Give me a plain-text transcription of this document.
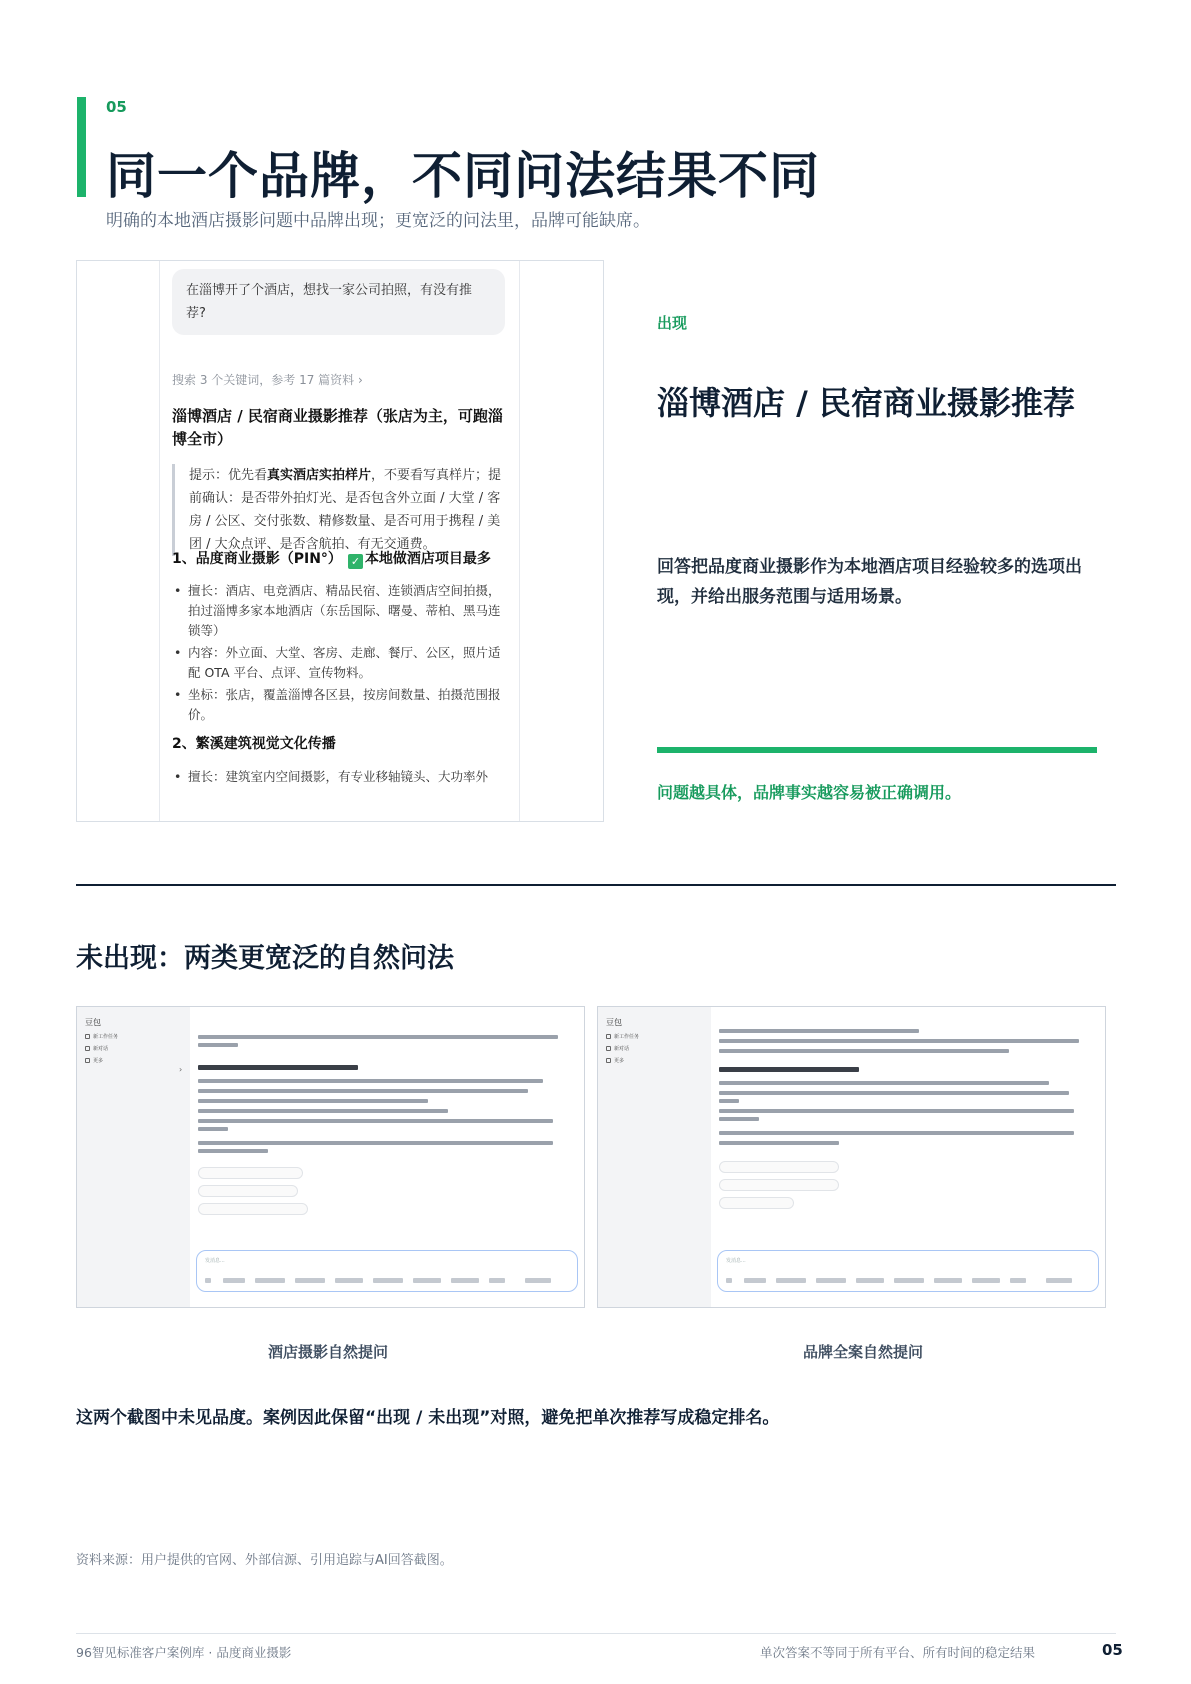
05
同一个品牌，不同问法结果不同

明确的本地酒店摄影问题中品牌出现；更宽泛的问法里，品牌可能缺席。

在淄博开了个酒店，想找一家公司拍照，有没有推荐?
搜索 3 个关键词，参考 17 篇资料 ›
淄博酒店 / 民宿商业摄影推荐（张店为主，可跑淄博全市）
提示：优先看真实酒店实拍样片，不要看写真样片；提前确认：是否带外拍灯光、是否包含外立面 / 大堂 / 客房 / 公区、交付张数、精修数量、是否可用于携程 / 美团 / 大众点评、是否含航拍、有无交通费。
1、品度商业摄影（PIN°） ✓ 本地做酒店项目最多
• 擅长：酒店、电竞酒店、精品民宿、连锁酒店空间拍摄，拍过淄博多家本地酒店（东岳国际、曙曼、蒂柏、黑马连锁等）
• 内容：外立面、大堂、客房、走廊、餐厅、公区，照片适配 OTA 平台、点评、宣传物料。
• 坐标：张店，覆盖淄博各区县，按房间数量、拍摄范围报价。
2、繁溪建筑视觉文化传播
• 擅长：建筑室内空间摄影，有专业移轴镜头、大功率外
出现
淄博酒店 / 民宿商业摄影推荐
回答把品度商业摄影作为本地酒店项目经验较多的选项出现，并给出服务范围与适用场景。
问题越具体，品牌事实越容易被正确调用。
未出现：两类更宽泛的自然问法
豆包
新工作任务
新对话
更多
›
发消息...
豆包
新工作任务
新对话
更多
发消息...
酒店摄影自然提问	品牌全案自然提问

这两个截图中未见品度。案例因此保留“出现 / 未出现”对照，避免把单次推荐写成稳定排名。

资料来源：用户提供的官网、外部信源、引用追踪与AI回答截图。

96智见标准客户案例库 · 品度商业摄影	单次答案不等同于所有平台、所有时间的稳定结果	05
